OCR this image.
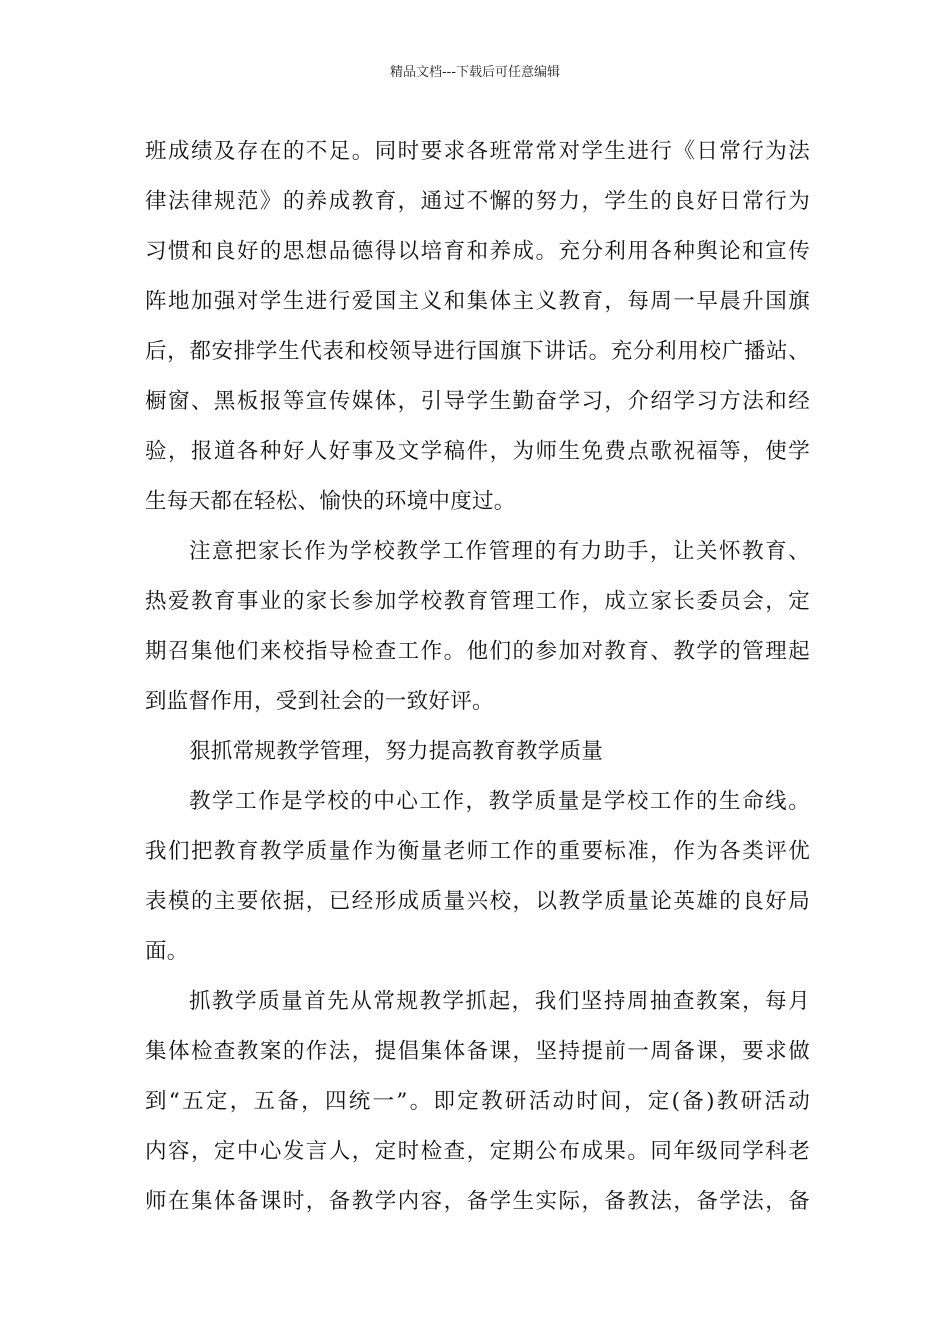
精品文档---下载后可任意编辑
班成绩及存在的不足。同时要求各班常常对学生进行《日常行为法
律法律规范》的养成教育，通过不懈的努力，学生的良好日常行为
习惯和良好的思想品德得以培育和养成。充分利用各种舆论和宣传
阵地加强对学生进行爱国主义和集体主义教育，每周一早晨升国旗
后，都安排学生代表和校领导进行国旗下讲话。充分利用校广播站、
橱窗、黑板报等宣传媒体，引导学生勤奋学习，介绍学习方法和经
验，报道各种好人好事及文学稿件，为师生免费点歌祝福等，使学
生每天都在轻松、愉快的环境中度过。
注意把家长作为学校教学工作管理的有力助手，让关怀教育、
热爱教育事业的家长参加学校教育管理工作，成立家长委员会，定
期召集他们来校指导检查工作。他们的参加对教育、教学的管理起
到监督作用，受到社会的一致好评。
狠抓常规教学管理，努力提高教育教学质量
教学工作是学校的中心工作，教学质量是学校工作的生命线。
我们把教育教学质量作为衡量老师工作的重要标准，作为各类评优
表模的主要依据，已经形成质量兴校，以教学质量论英雄的良好局
面。
抓教学质量首先从常规教学抓起，我们坚持周抽查教案，每月
集体检查教案的作法，提倡集体备课，坚持提前一周备课，要求做
到“五定，五备，四统一”。即定教研活动时间，定(备)教研活动
内容，定中心发言人，定时检查，定期公布成果。同年级同学科老
师在集体备课时，备教学内容，备学生实际，备教法，备学法，备
